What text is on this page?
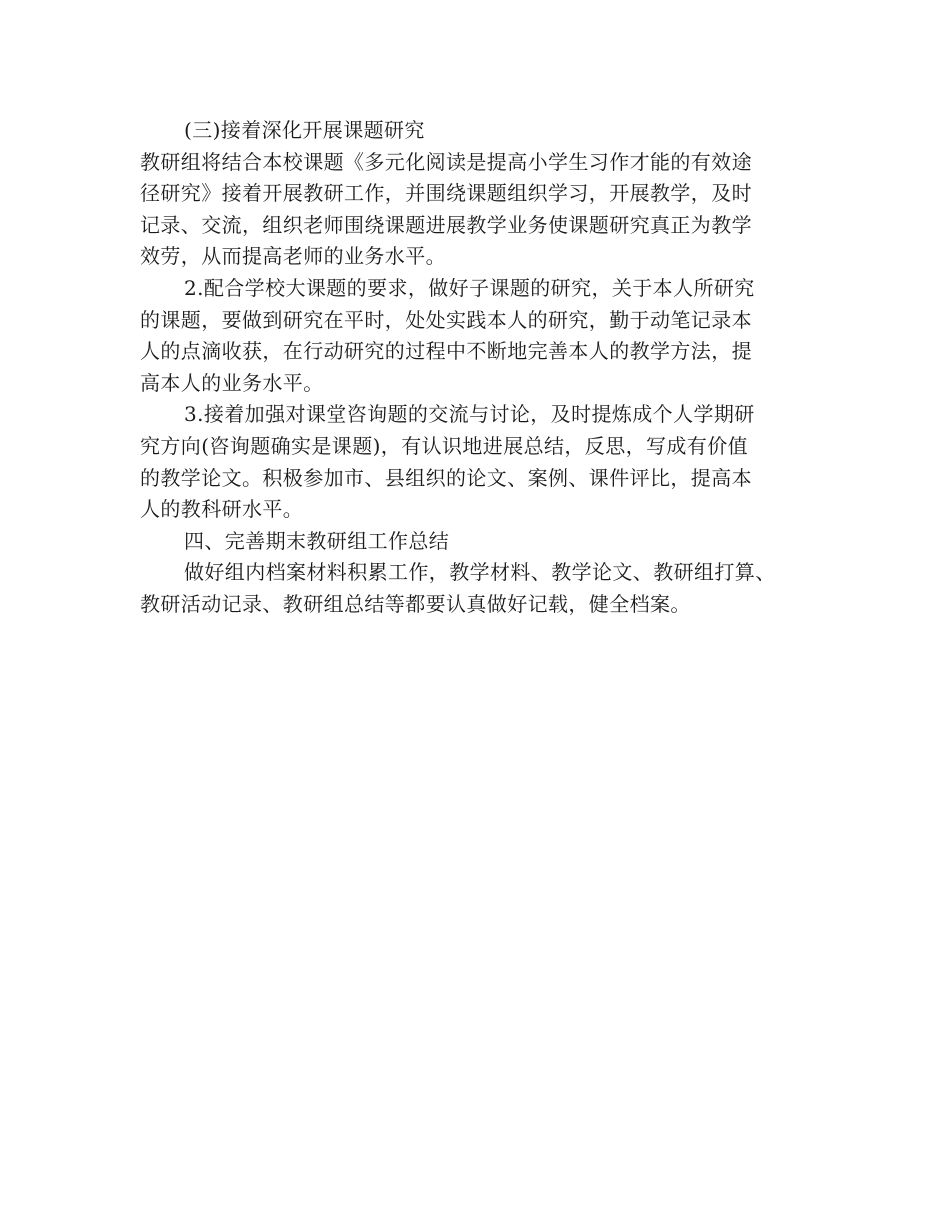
(三)接着深化开展课题研究
教研组将结合本校课题《多元化阅读是提高小学生习作才能的有效途
径研究》接着开展教研工作，并围绕课题组织学习，开展教学，及时
记录、交流，组织老师围绕课题进展教学业务使课题研究真正为教学
效劳，从而提高老师的业务水平。
2.配合学校大课题的要求，做好子课题的研究，关于本人所研究
的课题，要做到研究在平时，处处实践本人的研究，勤于动笔记录本
人的点滴收获，在行动研究的过程中不断地完善本人的教学方法，提
高本人的业务水平。
3.接着加强对课堂咨询题的交流与讨论，及时提炼成个人学期研
究方向(咨询题确实是课题)，有认识地进展总结，反思，写成有价值
的教学论文。积极参加市、县组织的论文、案例、课件评比，提高本
人的教科研水平。
四、完善期末教研组工作总结
做好组内档案材料积累工作，教学材料、教学论文、教研组打算、
教研活动记录、教研组总结等都要认真做好记载，健全档案。
